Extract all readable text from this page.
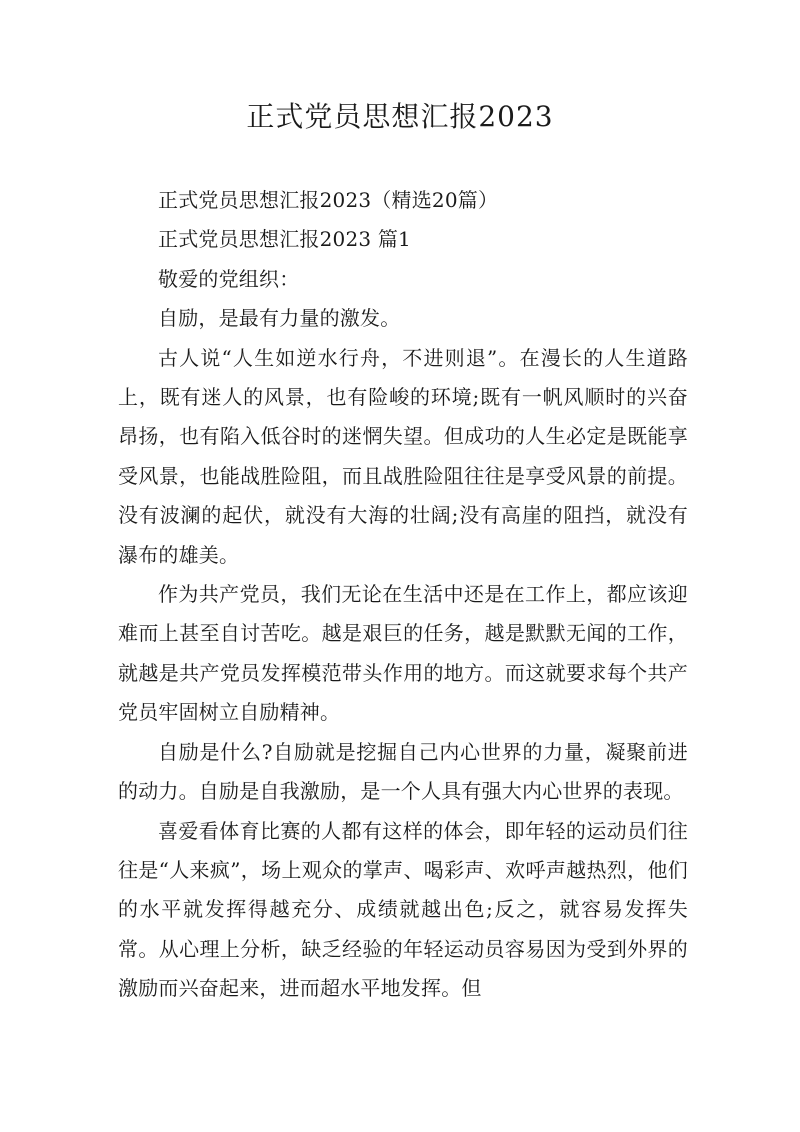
正式党员思想汇报2023

正式党员思想汇报2023（精选20篇）

正式党员思想汇报2023 篇1

敬爱的党组织：

自励，是最有力量的激发。

古人说“人生如逆水行舟，不进则退”。在漫长的人生道路上，既有迷人的风景，也有险峻的环境;既有一帆风顺时的兴奋昂扬，也有陷入低谷时的迷惘失望。但成功的人生必定是既能享受风景，也能战胜险阻，而且战胜险阻往往是享受风景的前提。没有波澜的起伏，就没有大海的壮阔;没有高崖的阻挡，就没有瀑布的雄美。

作为共产党员，我们无论在生活中还是在工作上，都应该迎难而上甚至自讨苦吃。越是艰巨的任务，越是默默无闻的工作，就越是共产党员发挥模范带头作用的地方。而这就要求每个共产党员牢固树立自励精神。

自励是什么?自励就是挖掘自己内心世界的力量，凝聚前进的动力。自励是自我激励，是一个人具有强大内心世界的表现。

喜爱看体育比赛的人都有这样的体会，即年轻的运动员们往往是“人来疯”，场上观众的掌声、喝彩声、欢呼声越热烈，他们的水平就发挥得越充分、成绩就越出色;反之，就容易发挥失常。从心理上分析，缺乏经验的年轻运动员容易因为受到外界的激励而兴奋起来，进而超水平地发挥。但
